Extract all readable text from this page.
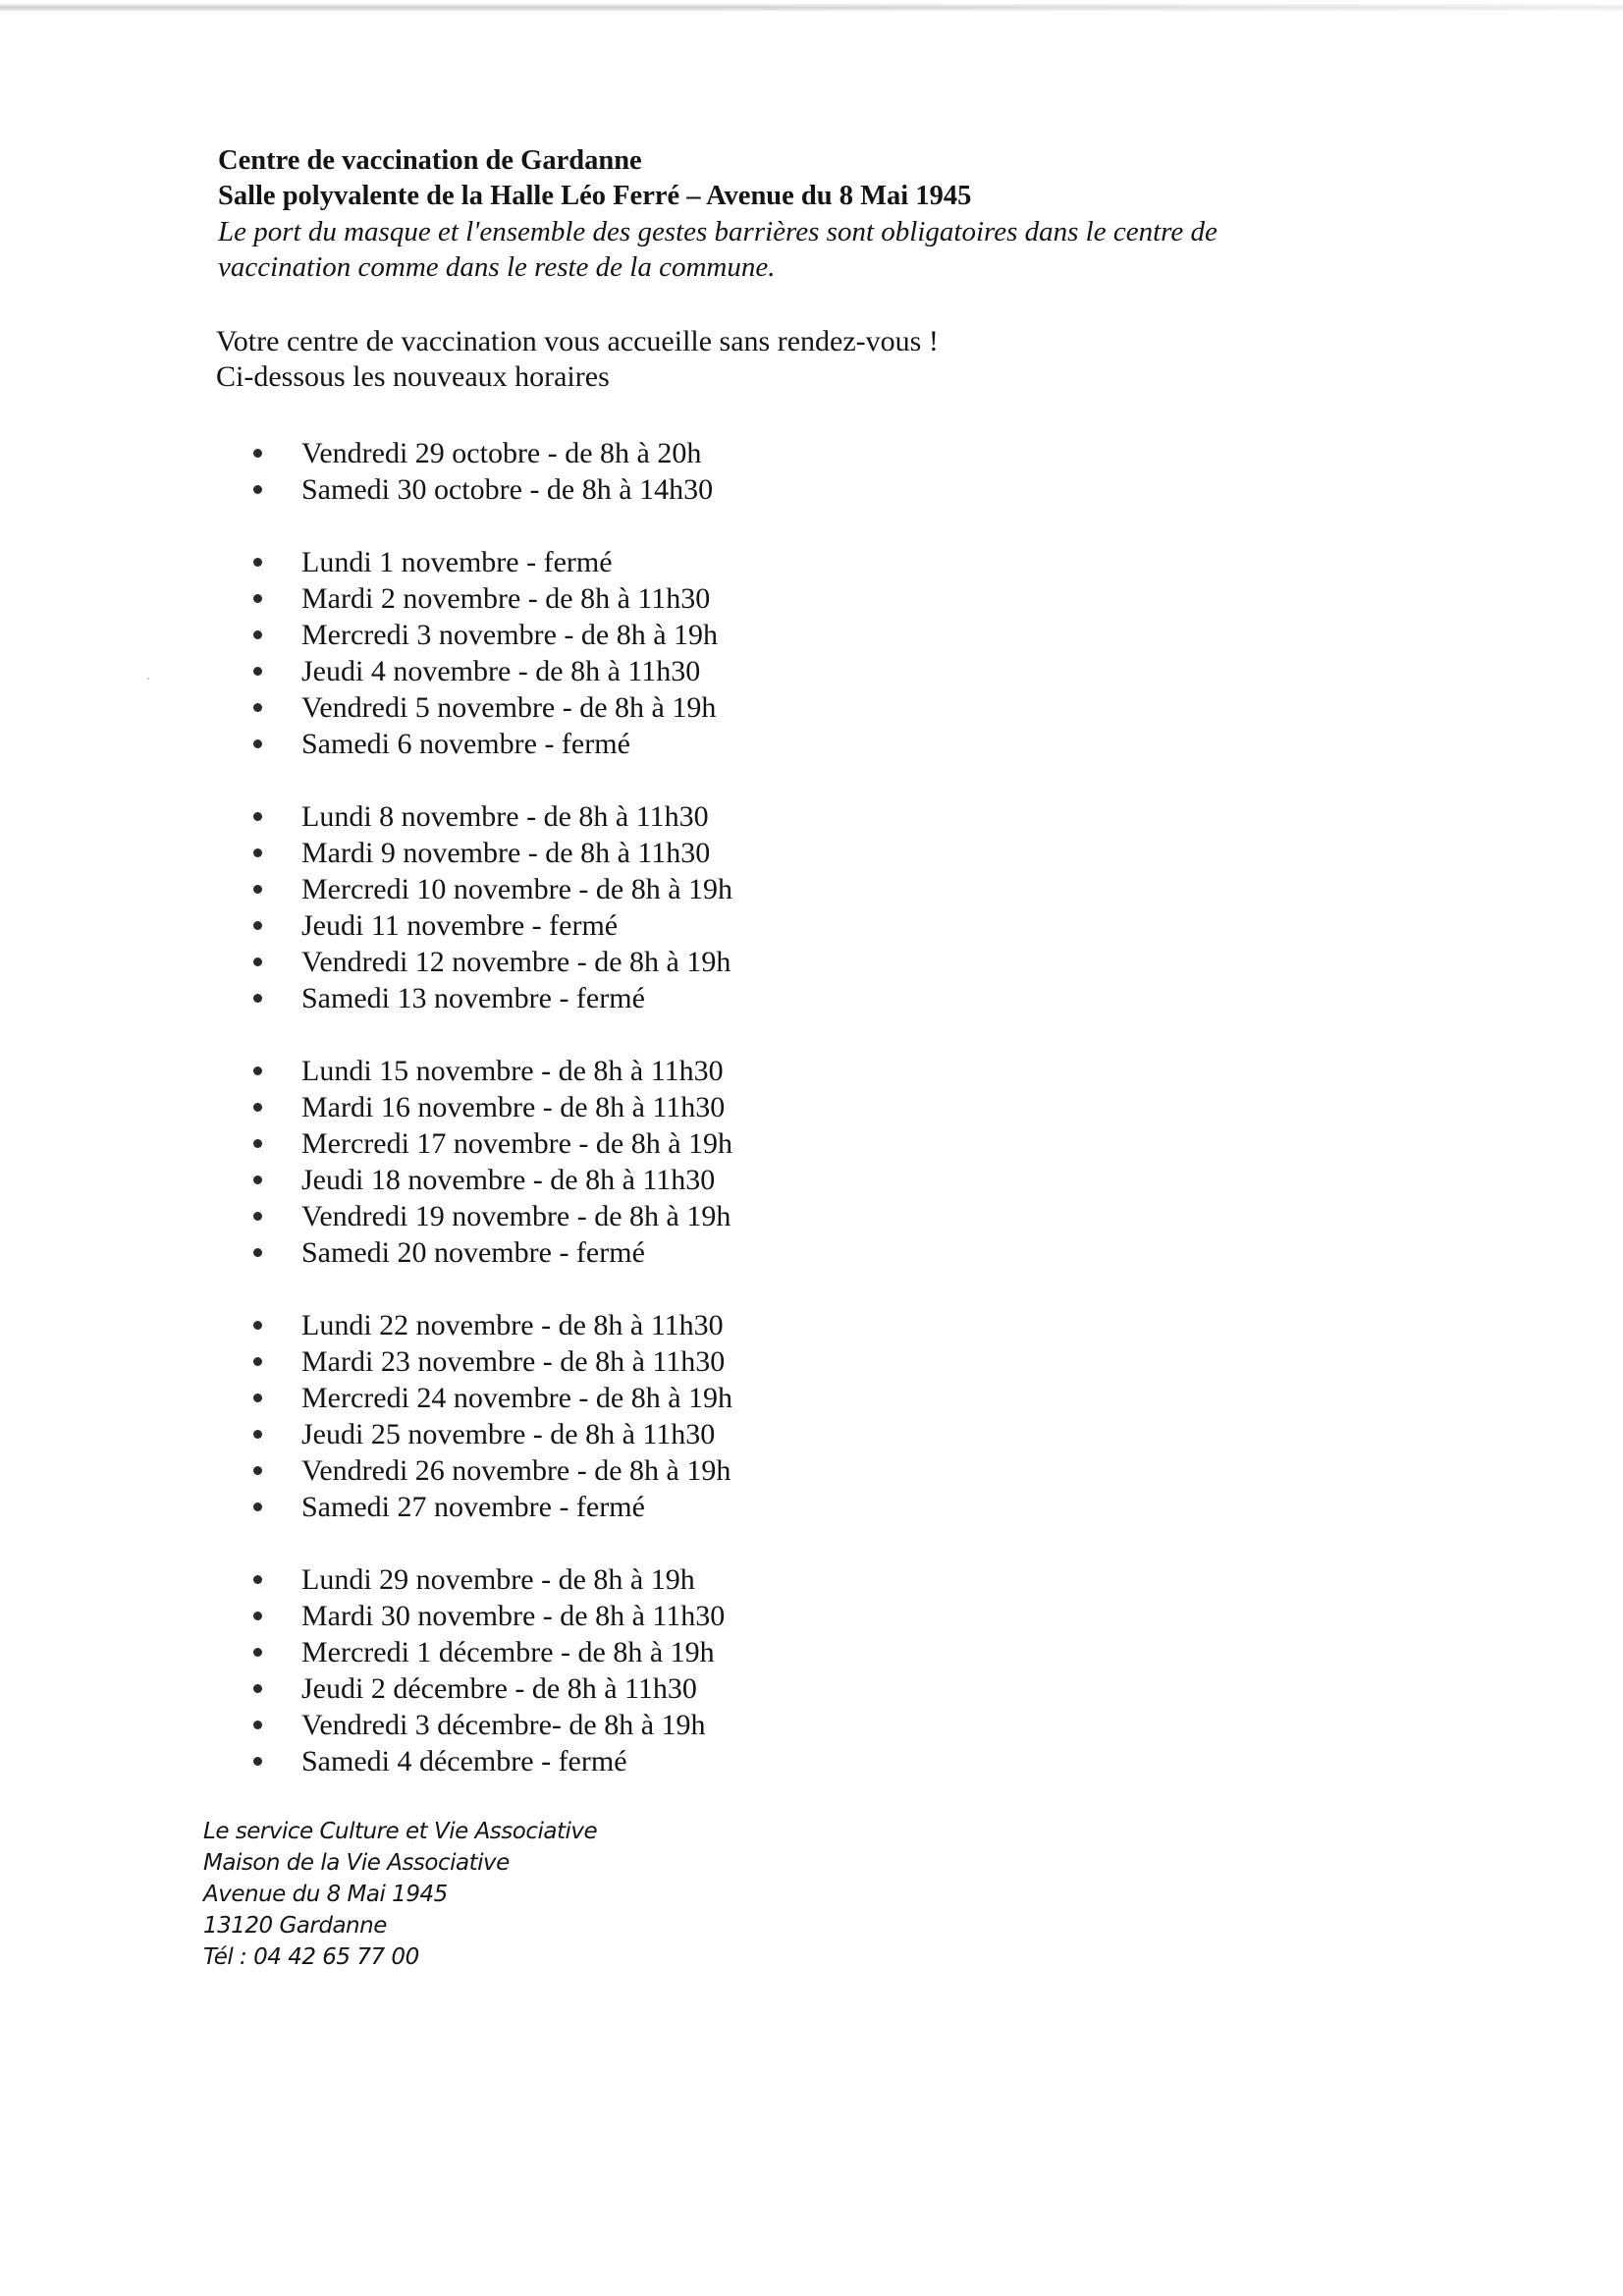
Centre de vaccination de Gardanne

Salle polyvalente de la Halle Léo Ferré – Avenue du 8 Mai 1945

Le port du masque et l'ensemble des gestes barrières sont obligatoires dans le centre de

vaccination comme dans le reste de la commune.

Votre centre de vaccination vous accueille sans rendez-vous !

Ci-dessous les nouveaux horaires

Vendredi 29 octobre - de 8h à 20h
Samedi 30 octobre - de 8h à 14h30
Lundi 1 novembre - fermé
Mardi 2 novembre - de 8h à 11h30
Mercredi 3 novembre - de 8h à 19h
Jeudi 4 novembre - de 8h à 11h30
Vendredi 5 novembre - de 8h à 19h
Samedi 6 novembre - fermé
Lundi 8 novembre - de 8h à 11h30
Mardi 9 novembre - de 8h à 11h30
Mercredi 10 novembre - de 8h à 19h
Jeudi 11 novembre - fermé
Vendredi 12 novembre - de 8h à 19h
Samedi 13 novembre - fermé
Lundi 15 novembre - de 8h à 11h30
Mardi 16 novembre - de 8h à 11h30
Mercredi 17 novembre - de 8h à 19h
Jeudi 18 novembre - de 8h à 11h30
Vendredi 19 novembre - de 8h à 19h
Samedi 20 novembre - fermé
Lundi 22 novembre - de 8h à 11h30
Mardi 23 novembre - de 8h à 11h30
Mercredi 24 novembre - de 8h à 19h
Jeudi 25 novembre - de 8h à 11h30
Vendredi 26 novembre - de 8h à 19h
Samedi 27 novembre - fermé
Lundi 29 novembre - de 8h à 19h
Mardi 30 novembre - de 8h à 11h30
Mercredi 1 décembre - de 8h à 19h
Jeudi 2 décembre - de 8h à 11h30
Vendredi 3 décembre- de 8h à 19h
Samedi 4 décembre - fermé
Le service Culture et Vie Associative
Maison de la Vie Associative
Avenue du 8 Mai 1945
13120 Gardanne
Tél : 04 42 65 77 00
